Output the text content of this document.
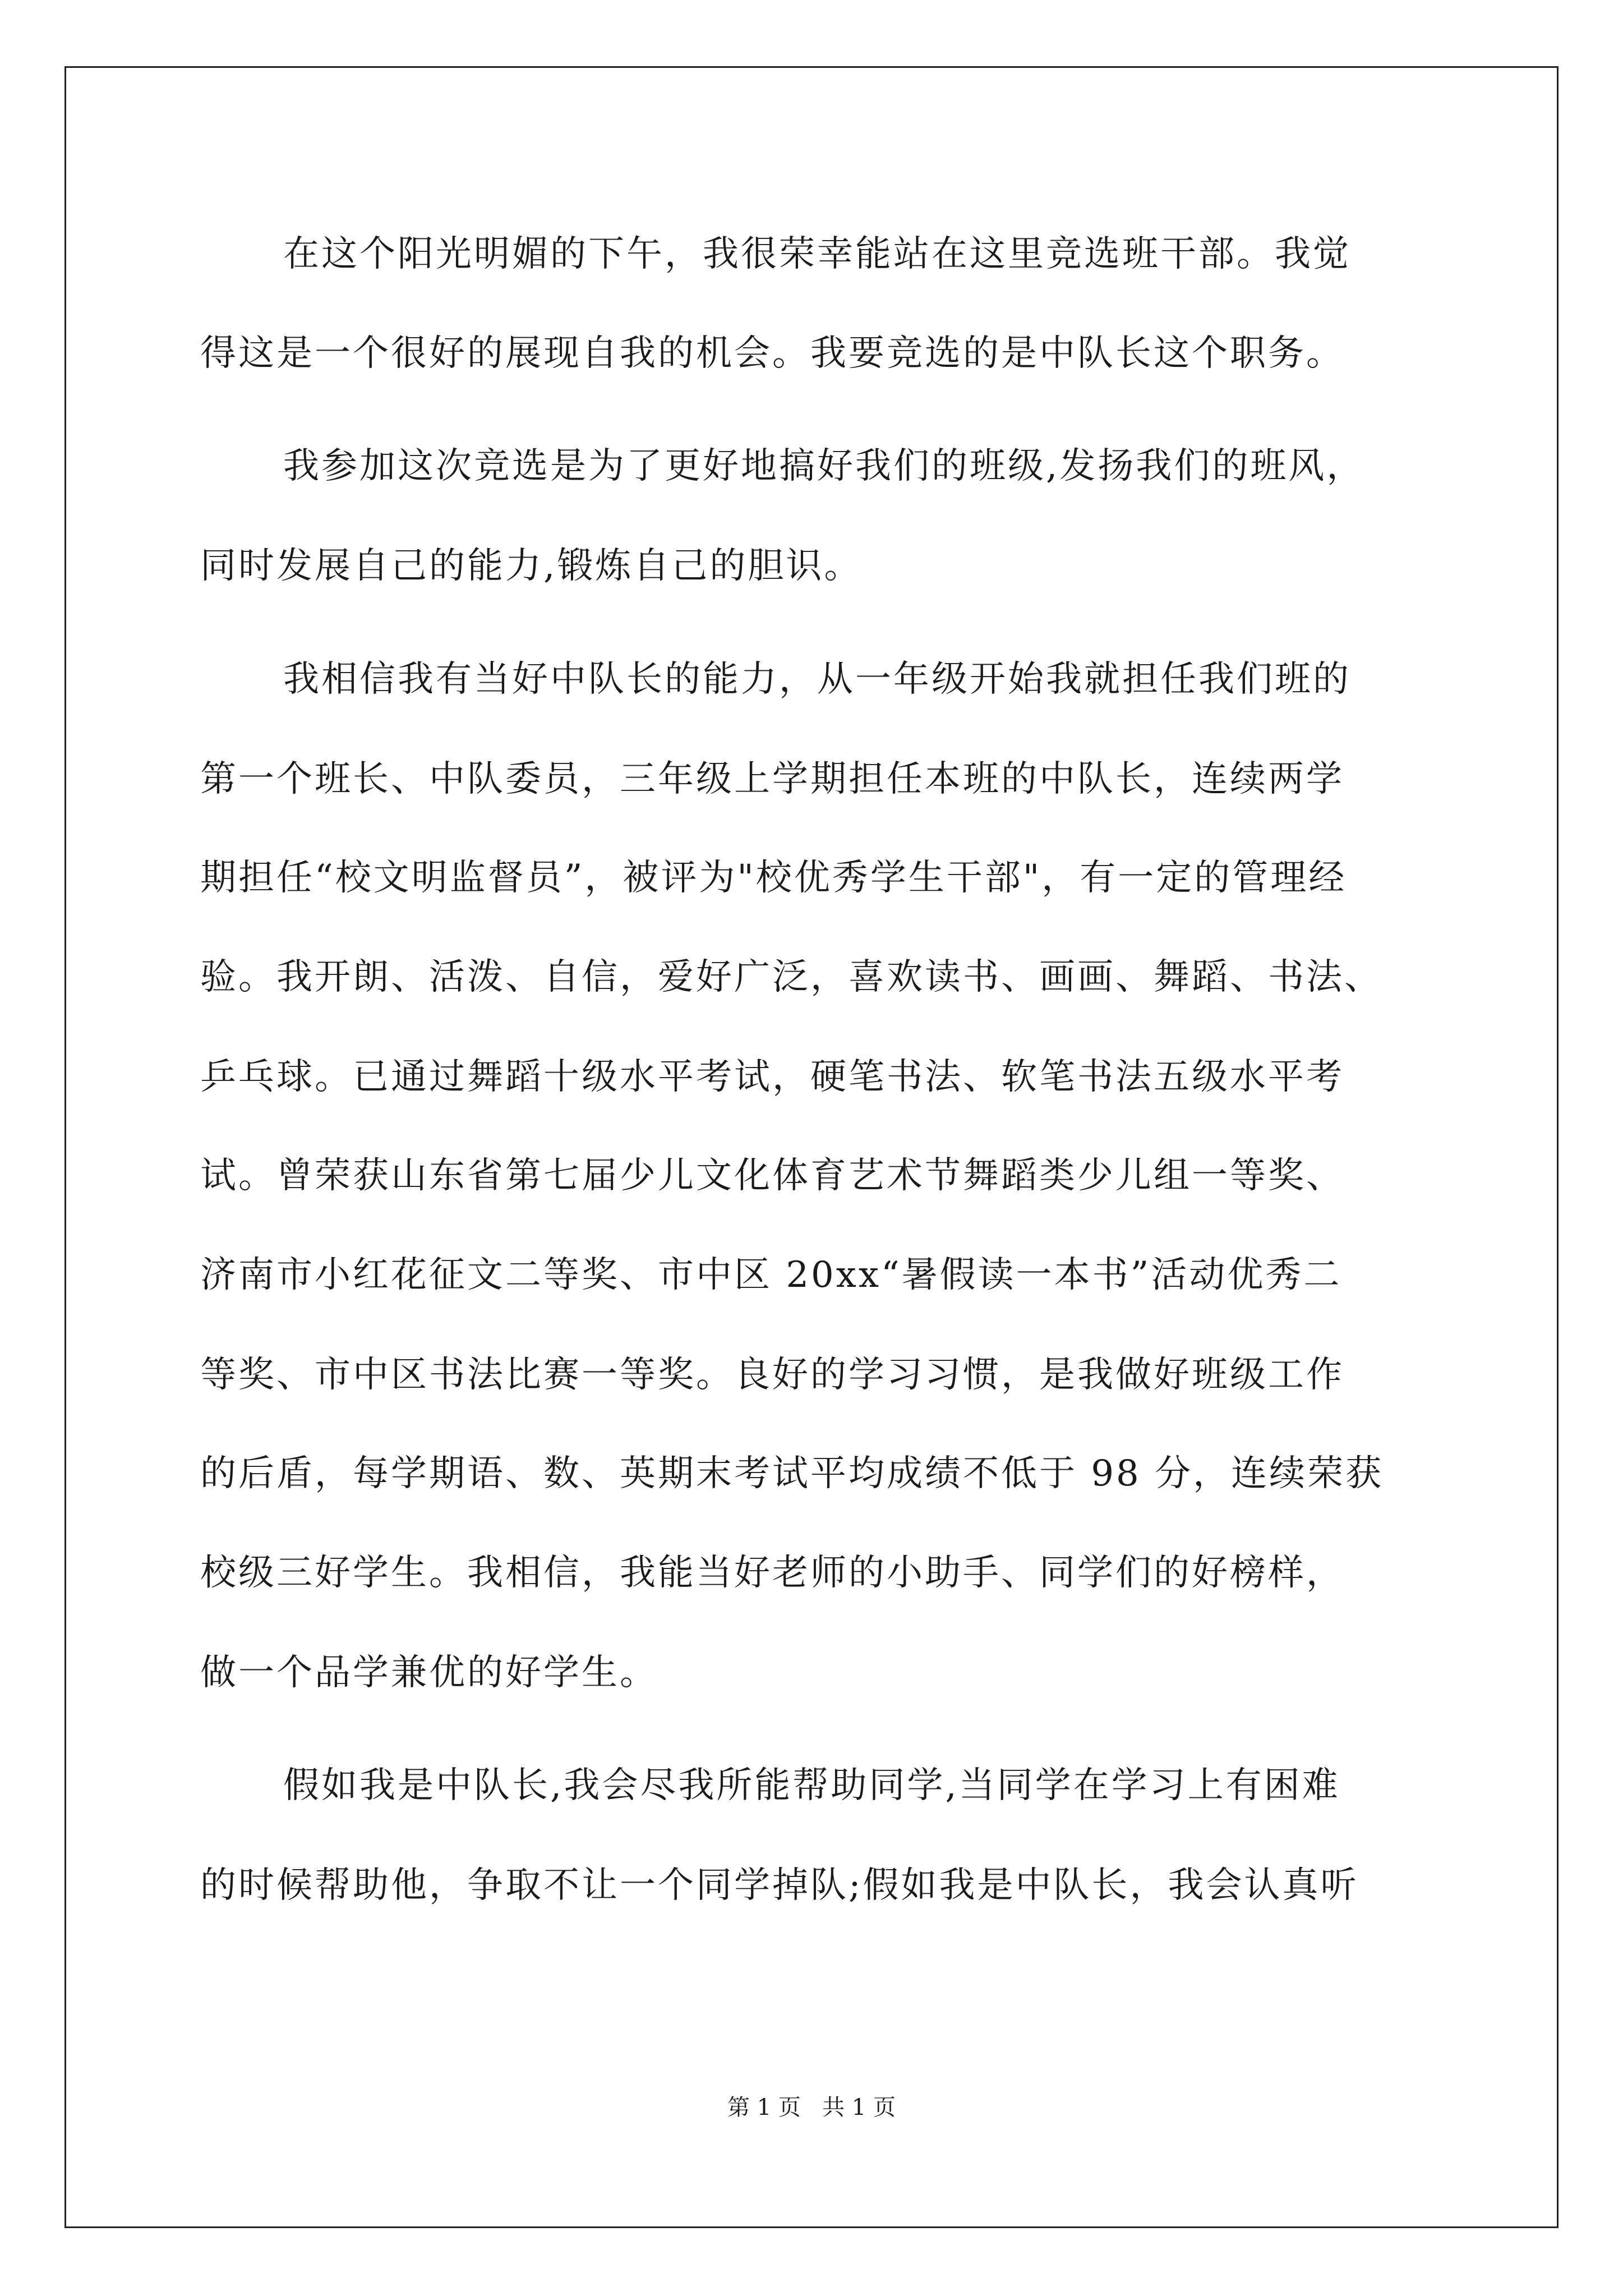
在这个阳光明媚的下午，我很荣幸能站在这里竞选班干部。我觉
得这是一个很好的展现自我的机会。我要竞选的是中队长这个职务。
我参加这次竞选是为了更好地搞好我们的班级,发扬我们的班风，
同时发展自己的能力,锻炼自己的胆识。
我相信我有当好中队长的能力，从一年级开始我就担任我们班的
第一个班长、中队委员，三年级上学期担任本班的中队长，连续两学
期担任“校文明监督员”，被评为"校优秀学生干部"，有一定的管理经
验。我开朗、活泼、自信，爱好广泛，喜欢读书、画画、舞蹈、书法、
乒乓球。已通过舞蹈十级水平考试，硬笔书法、软笔书法五级水平考
试。曾荣获山东省第七届少儿文化体育艺术节舞蹈类少儿组一等奖、
济南市小红花征文二等奖、市中区 20xx“暑假读一本书”活动优秀二
等奖、市中区书法比赛一等奖。良好的学习习惯，是我做好班级工作
的后盾，每学期语、数、英期末考试平均成绩不低于 98 分，连续荣获
校级三好学生。我相信，我能当好老师的小助手、同学们的好榜样，
做一个品学兼优的好学生。
假如我是中队长,我会尽我所能帮助同学,当同学在学习上有困难
的时候帮助他，争取不让一个同学掉队;假如我是中队长，我会认真听
第 1 页   共 1 页
